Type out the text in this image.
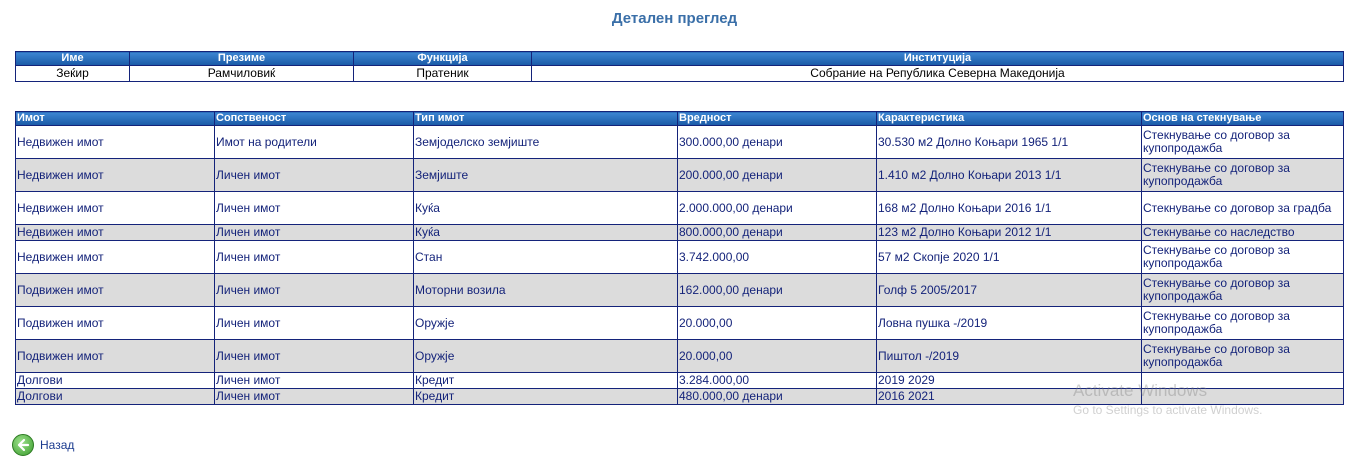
Детален преглед
Име	Презиме	Функција	Институција
Зеќир	Рамчиловиќ	Пратеник	Собрание на Република Северна Македонија
Имот	Сопственост	Тип имот	Вредност	Карактеристика	Основ на стекнување
Недвижен имот	Имот на родители	Земјоделско земјиште	300.000,00 денари	30.530 м2 Долно Коњари 1965 1/1	Стекнување со договор за купопродажба
Недвижен имот	Личен имот	Земјиште	200.000,00 денари	1.410 м2 Долно Коњари 2013 1/1	Стекнување со договор за купопродажба
Недвижен имот	Личен имот	Куќа	2.000.000,00 денари	168 м2 Долно Коњари 2016 1/1	Стекнување со договор за градба
Недвижен имот	Личен имот	Куќа	800.000,00 денари	123 м2 Долно Коњари 2012 1/1	Стекнување со наследство
Недвижен имот	Личен имот	Стан	3.742.000,00	57 м2 Скопје 2020 1/1	Стекнување со договор за купопродажба
Подвижен имот	Личен имот	Моторни возила	162.000,00 денари	Голф 5 2005/2017	Стекнување со договор за купопродажба
Подвижен имот	Личен имот	Оружје	20.000,00	Ловна пушка -/2019	Стекнување со договор за купопродажба
Подвижен имот	Личен имот	Оружје	20.000,00	Пиштол -/2019	Стекнување со договор за купопродажба
Долгови	Личен имот	Кредит	3.284.000,00	2019 2029	
Долгови	Личен имот	Кредит	480.000,00 денари	2016 2021	
Назад
Activate Windows
Go to Settings to activate Windows.
